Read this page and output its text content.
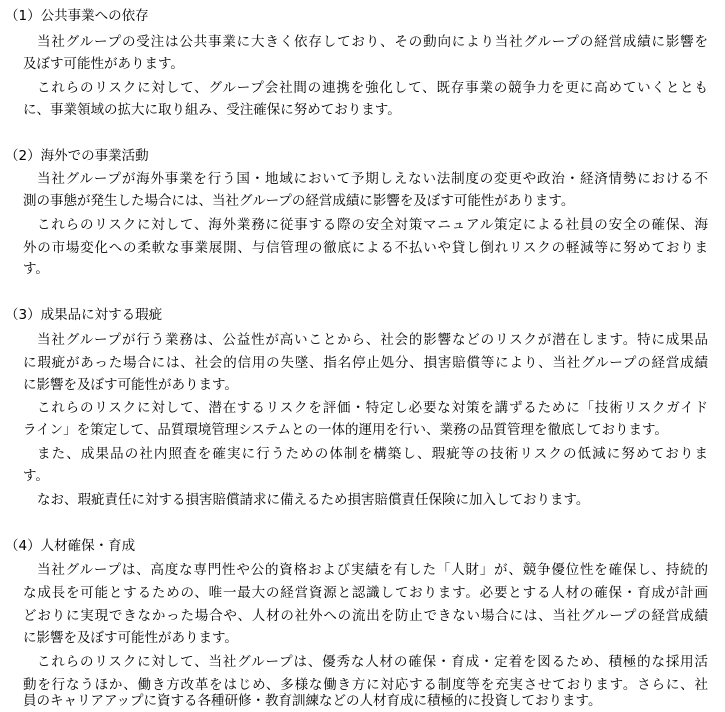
（1）公共事業への依存
当社グループの受注は公共事業に大きく依存しており、その動向により当社グループの経営成績に影響を
及ぼす可能性があります。
これらのリスクに対して、グループ会社間の連携を強化して、既存事業の競争力を更に高めていくととも
に、事業領域の拡大に取り組み、受注確保に努めております。
（2）海外での事業活動
当社グループが海外事業を行う国・地域において予期しえない法制度の変更や政治・経済情勢における不
測の事態が発生した場合には、当社グループの経営成績に影響を及ぼす可能性があります。
これらのリスクに対して、海外業務に従事する際の安全対策マニュアル策定による社員の安全の確保、海
外の市場変化への柔軟な事業展開、与信管理の徹底による不払いや貸し倒れリスクの軽減等に努めておりま
す。
（3）成果品に対する瑕疵
当社グループが行う業務は、公益性が高いことから、社会的影響などのリスクが潜在します。特に成果品
に瑕疵があった場合には、社会的信用の失墜、指名停止処分、損害賠償等により、当社グループの経営成績
に影響を及ぼす可能性があります。
これらのリスクに対して、潜在するリスクを評価・特定し必要な対策を講ずるために「技術リスクガイド
ライン」を策定して、品質環境管理システムとの一体的運用を行い、業務の品質管理を徹底しております。
また、成果品の社内照査を確実に行うための体制を構築し、瑕疵等の技術リスクの低減に努めておりま
す。
なお、瑕疵責任に対する損害賠償請求に備えるため損害賠償責任保険に加入しております。
（4）人材確保・育成
当社グループは、高度な専門性や公的資格および実績を有した「人財」が、競争優位性を確保し、持続的
な成長を可能とするための、唯一最大の経営資源と認識しております。必要とする人材の確保・育成が計画
どおりに実現できなかった場合や、人材の社外への流出を防止できない場合には、当社グループの経営成績
に影響を及ぼす可能性があります。
これらのリスクに対して、当社グループは、優秀な人材の確保・育成・定着を図るため、積極的な採用活
動を行なうほか、働き方改革をはじめ、多様な働き方に対応する制度等を充実させております。さらに、社
員のキャリアアップに資する各種研修・教育訓練などの人材育成に積極的に投資しております。
